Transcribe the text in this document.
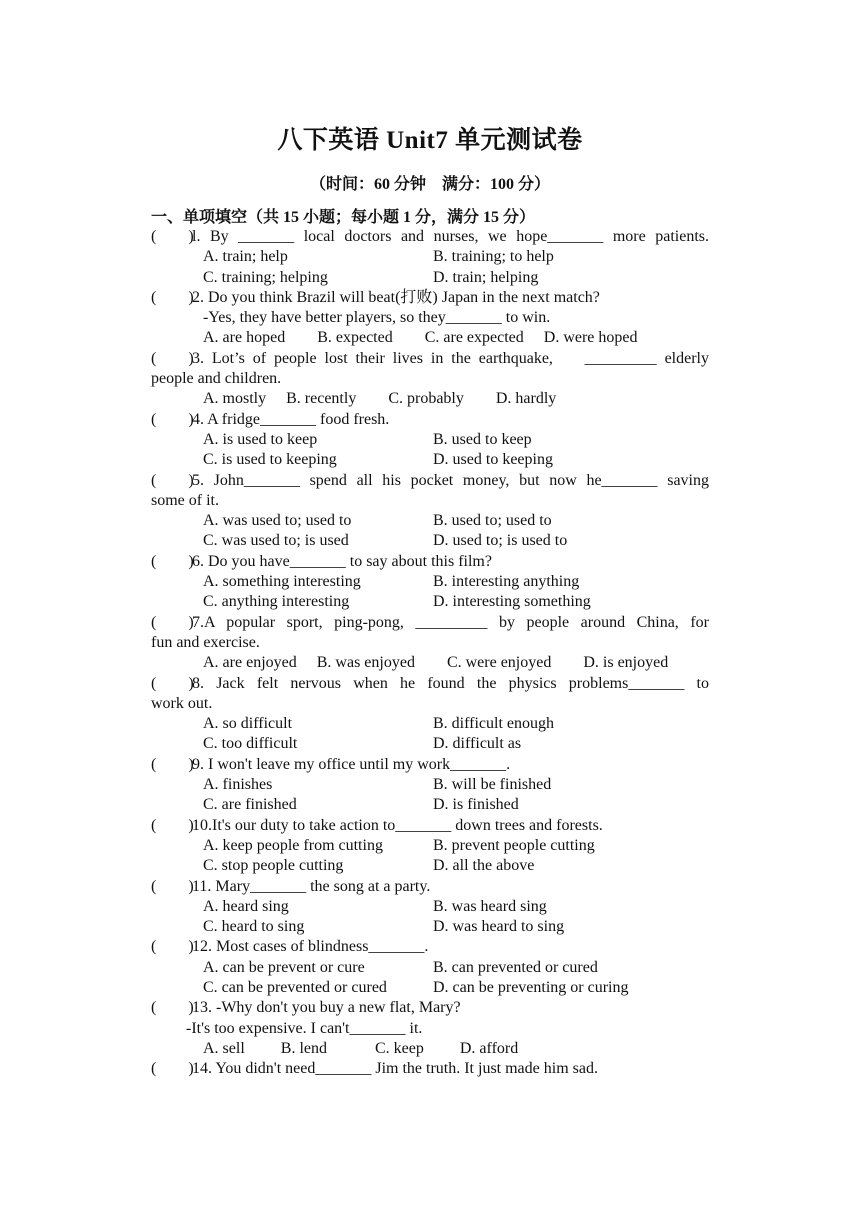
八下英语 Unit7 单元测试卷
（时间：60 分钟　满分：100 分）
一、单项填空（共 15 小题；每小题 1 分，满分 15 分）
(　　)
l. By _______ local doctors and nurses, we hope_______ more patients.
A. train; help	B. training; to help
C. training; helping	D. train; helping
(　　)
2. Do you think Brazil will beat(打败) Japan in the next match?
-Yes, they have better players, so they_______ to win.
A. are hoped　　B. expected　　C. are expected　 D. were hoped
(　　)
3. Lot’s of people lost their lives in the earthquake,　 _________ elderly
people and children.
A. mostly　 B. recently　　C. probably　　D. hardly
(　　)
4. A fridge_______ food fresh.
A. is used to keep	B. used to keep
C. is used to keeping	D. used to keeping
(　　)
5. John_______ spend all his pocket money, but now he_______ saving
some of it.
A. was used to; used to	B. used to; used to
C. was used to; is used	D. used to; is used to
(　　)
6. Do you have_______ to say about this film?
A. something interesting	B. interesting anything
C. anything interesting	D. interesting something
(　　)
7.A popular sport, ping-pong, _________ by people around China, for
fun and exercise.
A. are enjoyed　 B. was enjoyed　　C. were enjoyed　　D. is enjoyed
(　　)
8. Jack felt nervous when he found the physics problems_______ to
work out.
A. so difficult	B. difficult enough
C. too difficult	D. difficult as
(　　)
9. I won't leave my office until my work_______.
A. finishes	B. will be finished
C. are finished	D. is finished
(　　)
10.It's our duty to take action to_______ down trees and forests.
A. keep people from cutting	B. prevent people cutting
C. stop people cutting	D. all the above
(　　)
11. Mary_______ the song at a party.
A. heard sing	B. was heard sing
C. heard to sing	D. was heard to sing
(　　)
12. Most cases of blindness_______.
A. can be prevent or cure	B. can prevented or cured
C. can be prevented or cured	D. can be preventing or curing
(　　)
13. -Why don't you buy a new flat, Mary?
-It's too expensive. I can't_______ it.
A. sell　　 B. lend　　　C. keep　　 D. afford
(　　)
14. You didn't need_______ Jim the truth. It just made him sad.
